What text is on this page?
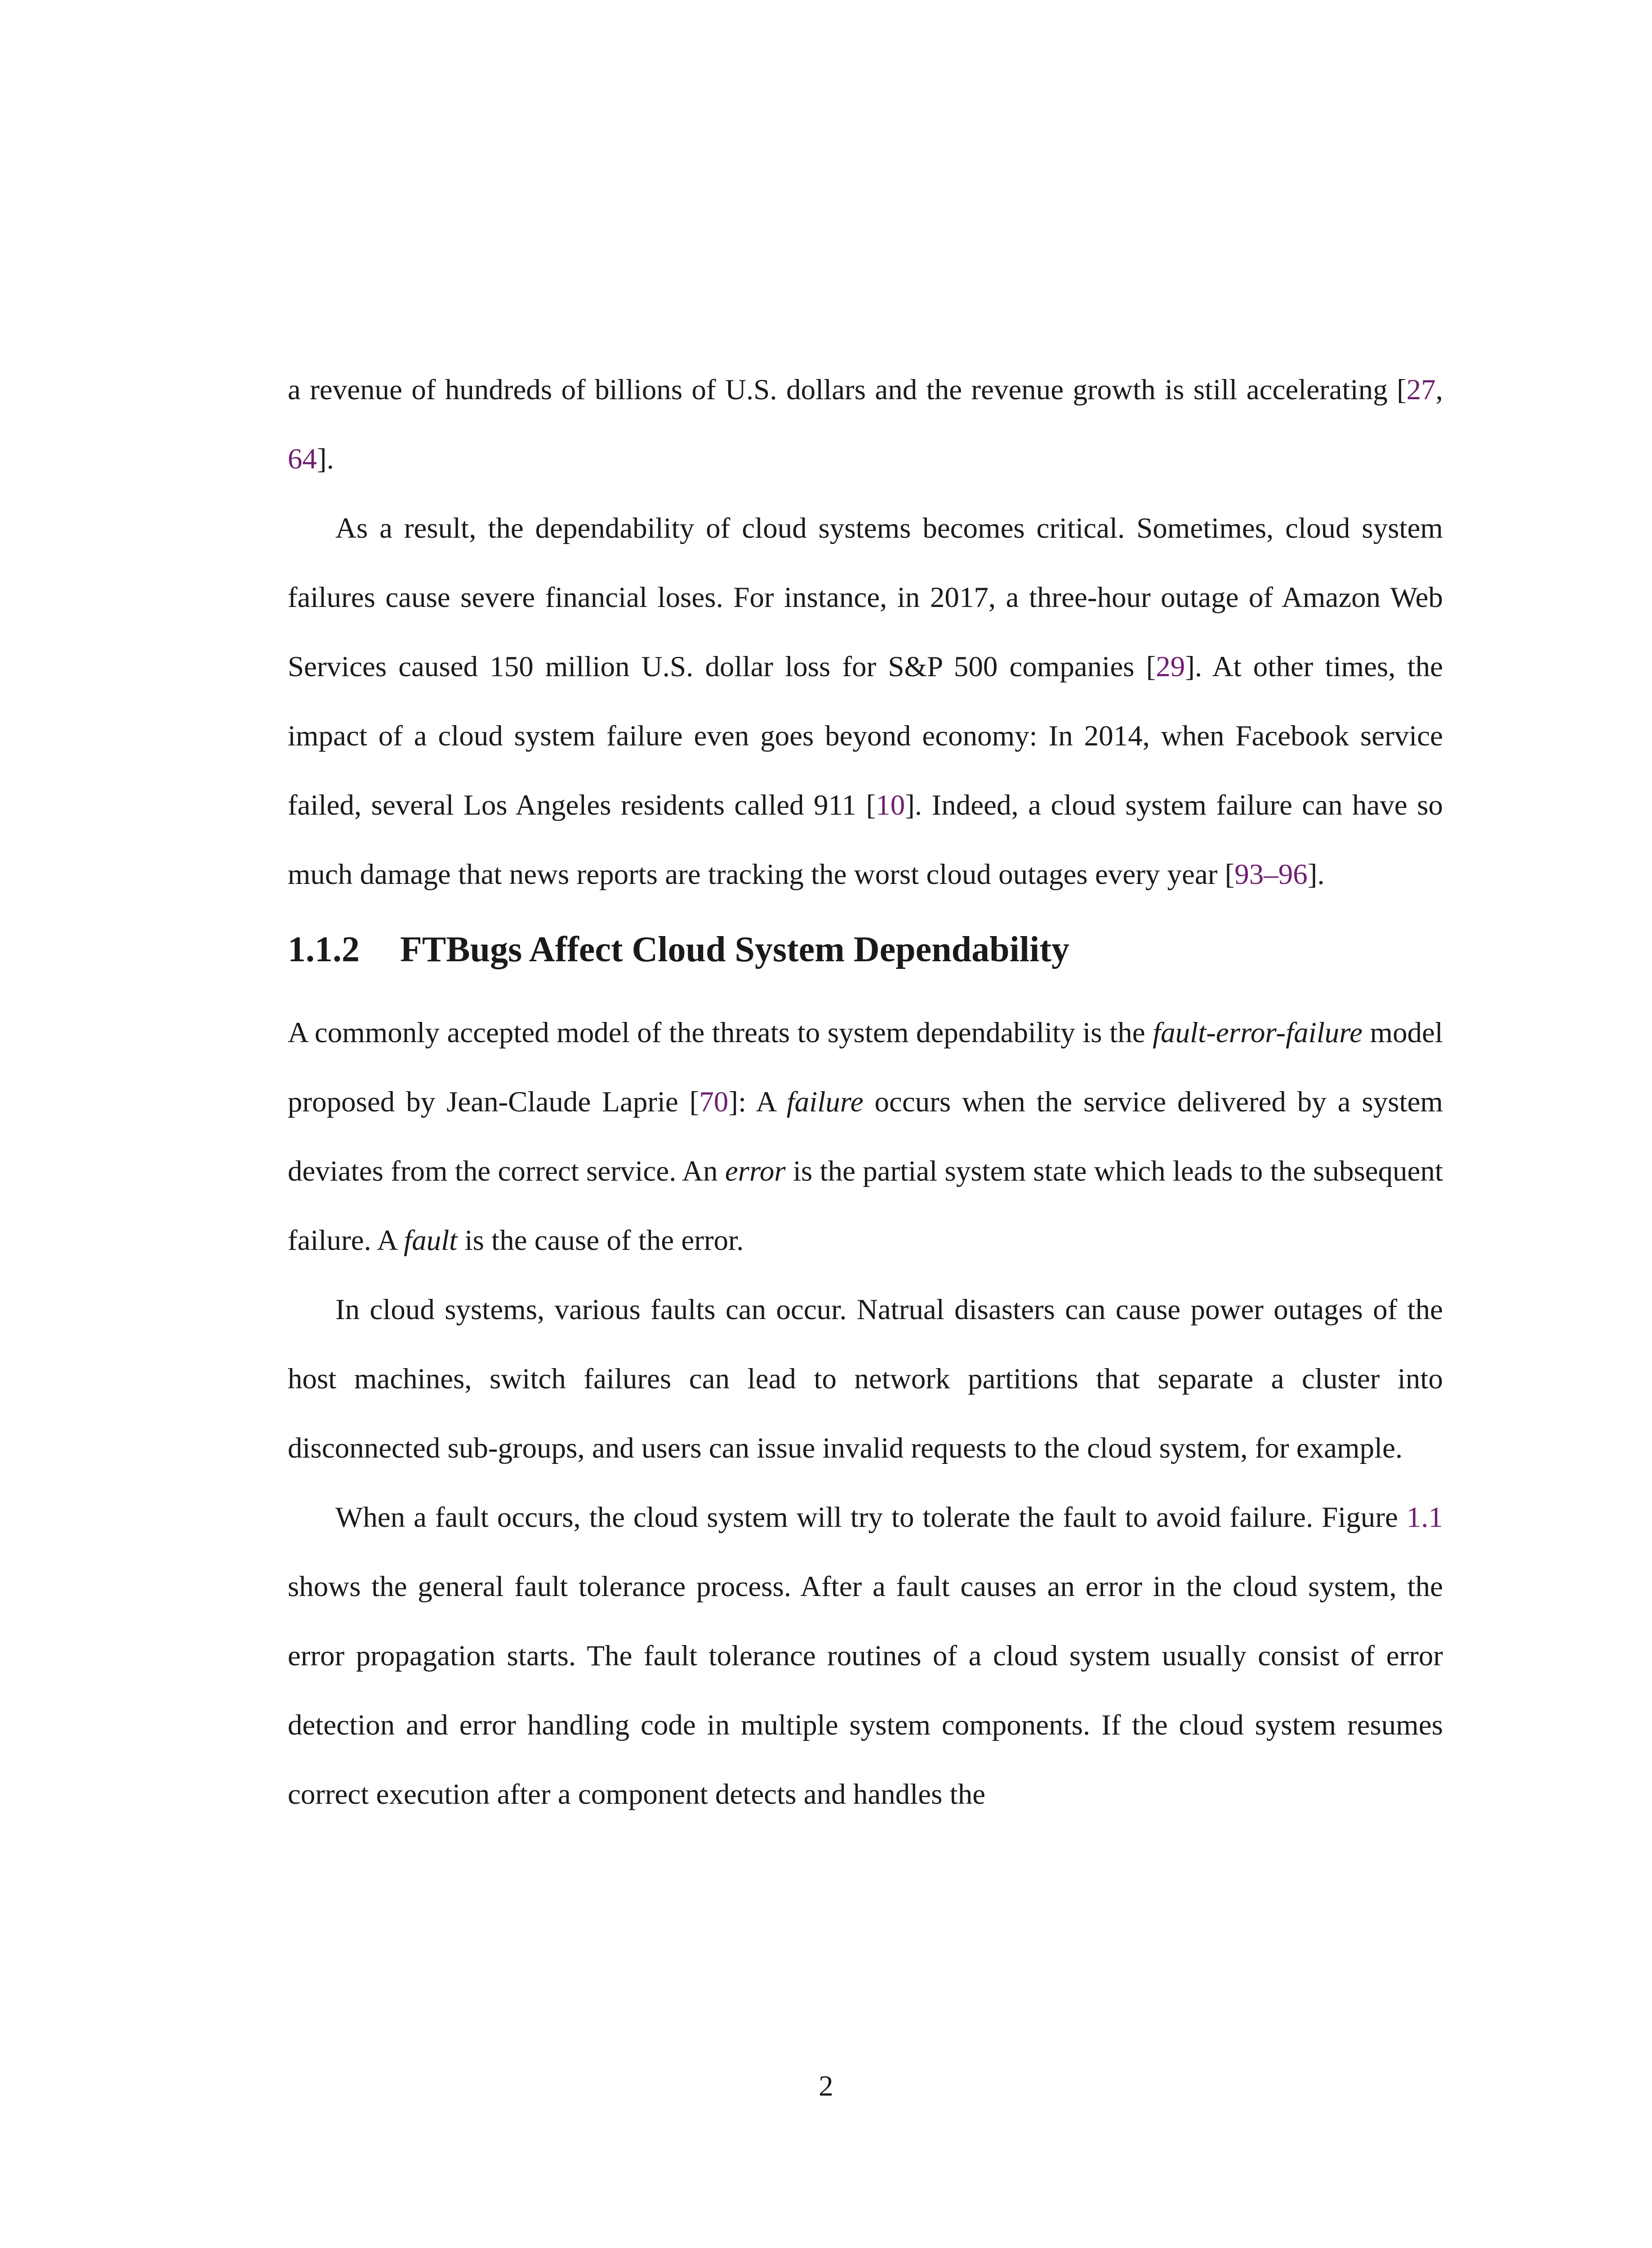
a revenue of hundreds of billions of U.S. dollars and the revenue growth is still accelerating [27, 64].

As a result, the dependability of cloud systems becomes critical. Sometimes, cloud system failures cause severe financial loses. For instance, in 2017, a three-hour outage of Amazon Web Services caused 150 million U.S. dollar loss for S&P 500 companies [29]. At other times, the impact of a cloud system failure even goes beyond economy: In 2014, when Facebook service failed, several Los Angeles residents called 911 [10]. Indeed, a cloud system failure can have so much damage that news reports are tracking the worst cloud outages every year [93–96].

1.1.2 FTBugs Affect Cloud System Dependability

A commonly accepted model of the threats to system dependability is the fault-error-failure model proposed by Jean-Claude Laprie [70]: A failure occurs when the service delivered by a system deviates from the correct service. An error is the partial system state which leads to the subsequent failure. A fault is the cause of the error.

In cloud systems, various faults can occur. Natrual disasters can cause power outages of the host machines, switch failures can lead to network partitions that separate a cluster into disconnected sub-groups, and users can issue invalid requests to the cloud system, for example.

When a fault occurs, the cloud system will try to tolerate the fault to avoid failure. Figure 1.1 shows the general fault tolerance process. After a fault causes an error in the cloud system, the error propagation starts. The fault tolerance routines of a cloud system usually consist of error detection and error handling code in multiple system components. If the cloud system resumes correct execution after a component detects and handles the

2
